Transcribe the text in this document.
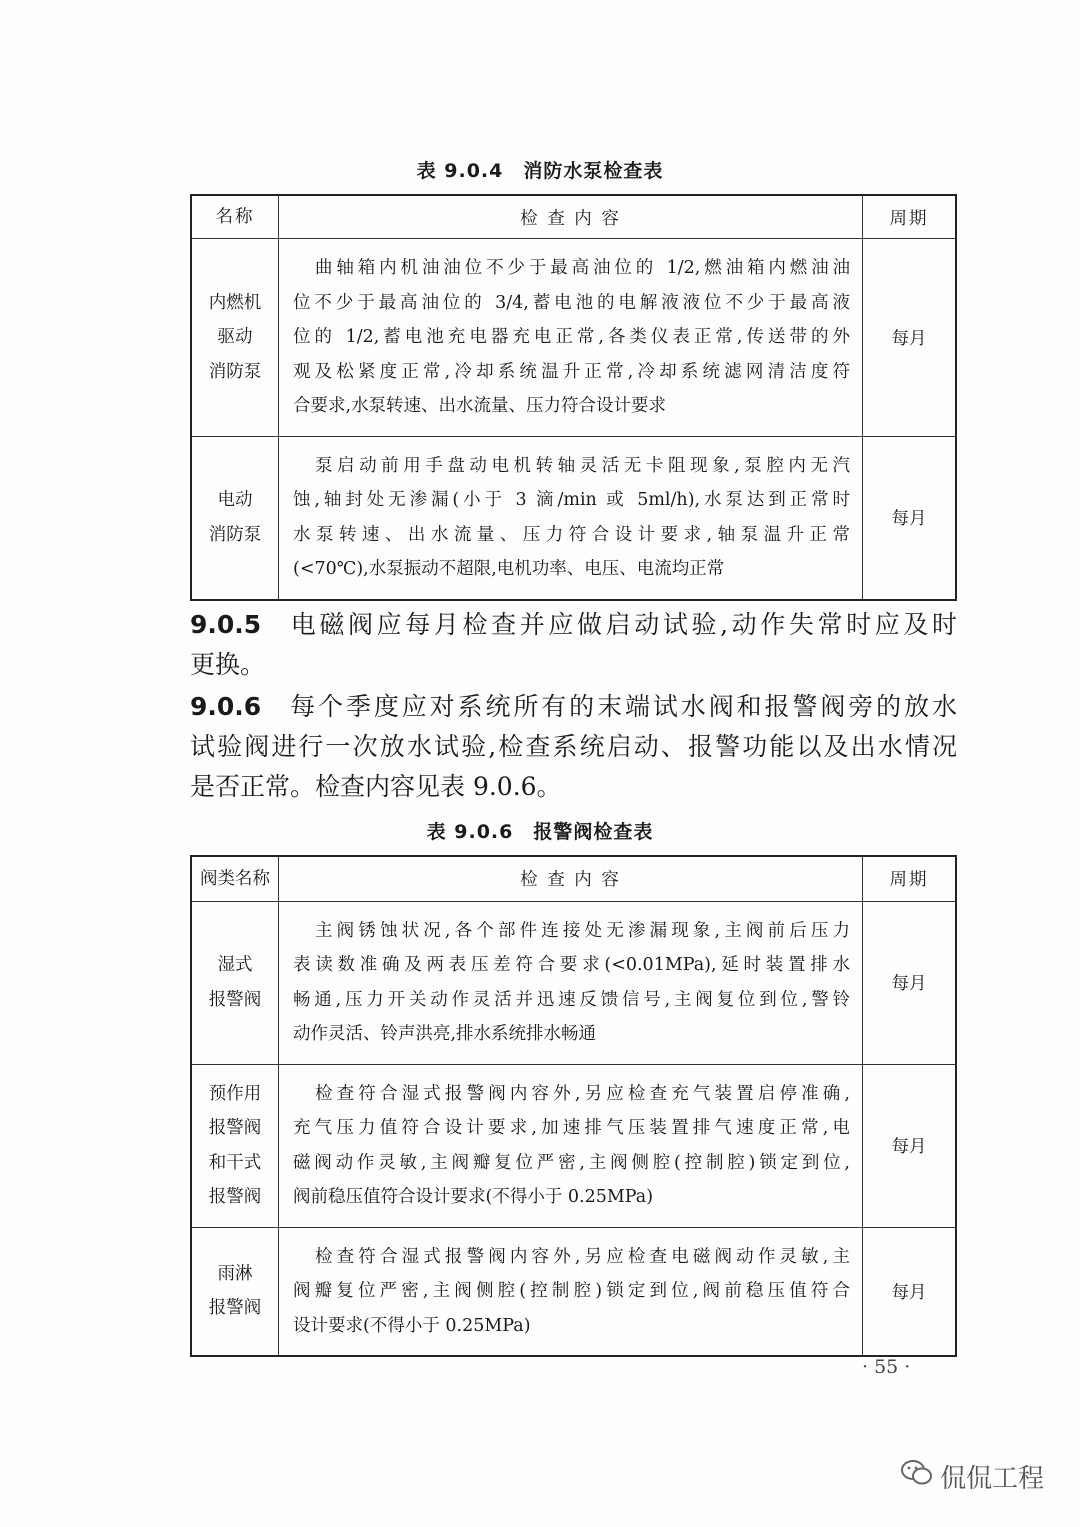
表 9.0.4　消防水泵检查表
名称	检 查 内 容	周期

内燃机
驱动
消防泵	曲轴箱内机油油位不少于最高油位的 1/2,燃油箱内燃油油
位不少于最高油位的 3/4,蓄电池的电解液液位不少于最高液
位的 1/2,蓄电池充电器充电正常,各类仪表正常,传送带的外
观及松紧度正常,冷却系统温升正常,冷却系统滤网清洁度符
合要求,水泵转速、出水流量、压力符合设计要求	每月

电动
消防泵	泵启动前用手盘动电机转轴灵活无卡阻现象,泵腔内无汽
蚀,轴封处无渗漏(小于 3 滴/min 或 5ml/h),水泵达到正常时
水泵转速、出水流量、压力符合设计要求,轴泵温升正常
(<70℃),水泵振动不超限,电机功率、电压、电流均正常	每月
9.0.5 电磁阀应每月检查并应做启动试验,动作失常时应及时
更换。
9.0.6 每个季度应对系统所有的末端试水阀和报警阀旁的放水
试验阀进行一次放水试验,检查系统启动、报警功能以及出水情况
是否正常。检查内容见表 9.0.6。
表 9.0.6　报警阀检查表
阀类名称	检 查 内 容	周期

湿式
报警阀	主阀锈蚀状况,各个部件连接处无渗漏现象,主阀前后压力
表读数准确及两表压差符合要求(<0.01MPa),延时装置排水
畅通,压力开关动作灵活并迅速反馈信号,主阀复位到位,警铃
动作灵活、铃声洪亮,排水系统排水畅通	每月

预作用
报警阀
和干式
报警阀	检查符合湿式报警阀内容外,另应检查充气装置启停准确,
充气压力值符合设计要求,加速排气压装置排气速度正常,电
磁阀动作灵敏,主阀瓣复位严密,主阀侧腔(控制腔)锁定到位,
阀前稳压值符合设计要求(不得小于 0.25MPa)	每月

雨淋
报警阀	检查符合湿式报警阀内容外,另应检查电磁阀动作灵敏,主
阀瓣复位严密,主阀侧腔(控制腔)锁定到位,阀前稳压值符合
设计要求(不得小于 0.25MPa)	每月
· 55 ·
侃侃工程
